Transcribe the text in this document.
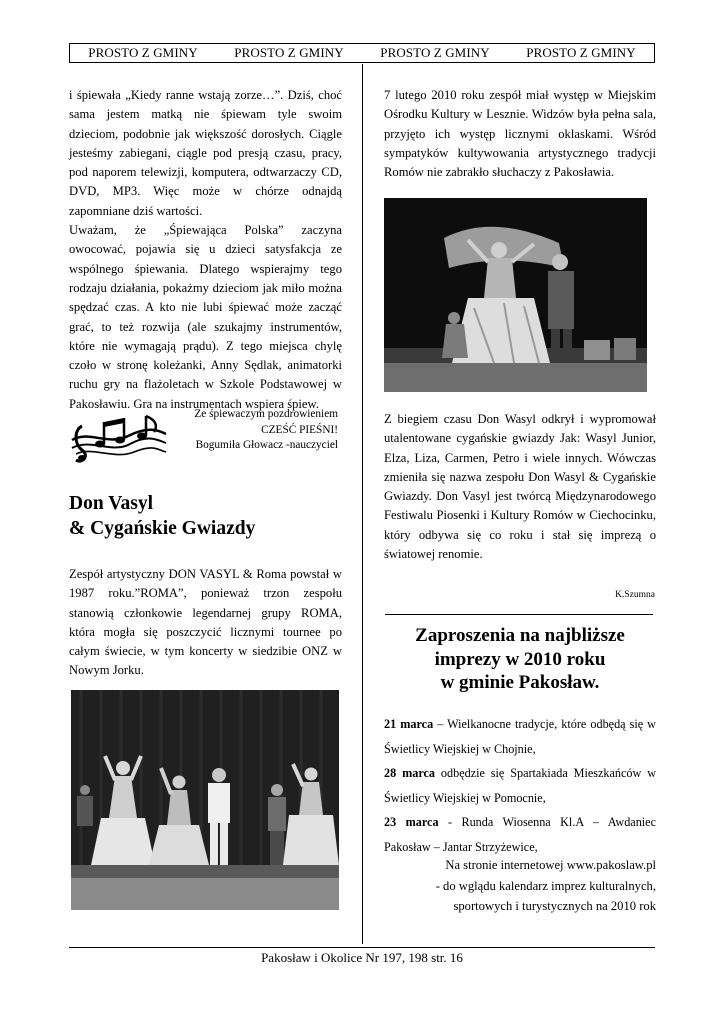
PROSTO Z GMINY	PROSTO Z GMINY	PROSTO Z GMINY	PROSTO Z GMINY

i śpiewała „Kiedy ranne wstają zorze…”. Dziś, choć sama jestem matką nie śpiewam tyle swoim dzieciom, podobnie jak większość dorosłych. Ciągle jesteśmy zabiegani, ciągle pod presją czasu, pracy, pod naporem telewizji, komputera, odtwarzaczy CD, DVD, MP3. Więc może w chórze odnajdą zapomniane dziś wartości.

Uważam, że „Śpiewająca Polska” zaczyna owocować, pojawia się u dzieci satysfakcja ze wspólnego śpiewania. Dlatego wspierajmy tego rodzaju działania, pokażmy dzieciom jak miło można spędzać czas. A kto nie lubi śpiewać może zacząć grać, to też rozwija (ale szukajmy instrumentów, które nie wymagają prądu). Z tego miejsca chylę czoło w stronę koleżanki, Anny Sędlak, animatorki ruchu gry na flażoletach w Szkole Podstawowej w Pakosławiu. Gra na instrumentach wspiera śpiew.

Ze śpiewaczym pozdrowieniem
CZEŚĆ PIEŚNI!
Bogumiła Głowacz -nauczyciel
Don Vasyl
& Cygańskie Gwiazdy

Zespół artystyczny DON VASYL & Roma powstał w 1987 roku.”ROMA”, ponieważ trzon zespołu stanowią członkowie legendarnej grupy ROMA, która mogła się poszczycić licznymi tournee po całym świecie, w tym koncerty w siedzibie ONZ w Nowym Jorku.

7 lutego 2010 roku zespół miał występ w Miejskim Ośrodku Kultury w Lesznie. Widzów była pełna sala, przyjęto ich występ licznymi oklaskami. Wśród sympatyków kultywowania artystycznego tradycji Romów nie zabrakło słuchaczy z Pakosławia.

Z biegiem czasu Don Wasyl odkrył i wypromował utalentowane cygańskie gwiazdy Jak: Wasyl Junior, Elza, Liza, Carmen, Petro i wiele innych. Wówczas zmieniła się nazwa zespołu Don Wasyl & Cygańskie Gwiazdy. Don Vasyl jest twórcą Międzynarodowego Festiwalu Piosenki i Kultury Romów w Ciechocinku, który odbywa się co roku i stał się imprezą o światowej renomie.

K.Szumna
Zaproszenia na najbliższe
imprezy w 2010 roku
w gminie Pakosław.
21 marca – Wielkanocne tradycje, które odbędą się w Świetlicy Wiejskiej w Chojnie,
28 marca odbędzie się Spartakiada Mieszkańców w Świetlicy Wiejskiej w Pomocnie,
23 marca - Runda Wiosenna Kl.A – Awdaniec Pakosław – Jantar Strzyżewice,
Na stronie internetowej www.pakoslaw.pl
- do wglądu kalendarz imprez kulturalnych,
sportowych i turystycznych na 2010 rok
Pakosław i Okolice Nr 197, 198 str. 16
